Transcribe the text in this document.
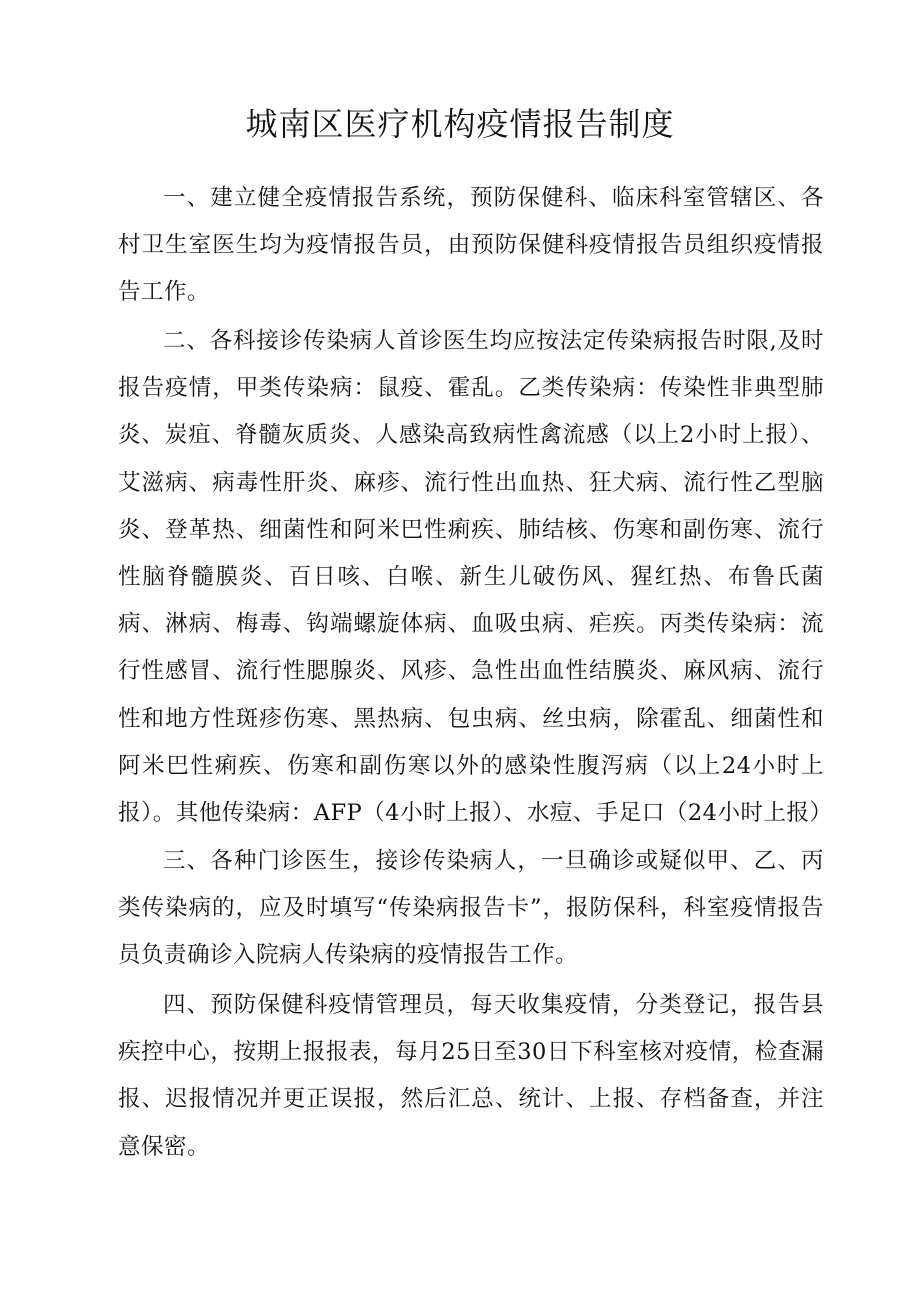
城南区医疗机构疫情报告制度

一、建立健全疫情报告系统，预防保健科、临床科室管辖区、各村卫生室医生均为疫情报告员，由预防保健科疫情报告员组织疫情报告工作。

二、各科接诊传染病人首诊医生均应按法定传染病报告时限,及时报告疫情，甲类传染病：鼠疫、霍乱。乙类传染病：传染性非典型肺炎、炭疽、脊髓灰质炎、人感染高致病性禽流感（以上2小时上报）、艾滋病、病毒性肝炎、麻疹、流行性出血热、狂犬病、流行性乙型脑炎、登革热、细菌性和阿米巴性痢疾、肺结核、伤寒和副伤寒、流行性脑脊髓膜炎、百日咳、白喉、新生儿破伤风、猩红热、布鲁氏菌病、淋病、梅毒、钩端螺旋体病、血吸虫病、疟疾。丙类传染病：流行性感冒、流行性腮腺炎、风疹、急性出血性结膜炎、麻风病、流行性和地方性斑疹伤寒、黑热病、包虫病、丝虫病，除霍乱、细菌性和阿米巴性痢疾、伤寒和副伤寒以外的感染性腹泻病（以上24小时上报）。其他传染病：AFP（4小时上报）、水痘、手足口（24小时上报）

三、各种门诊医生，接诊传染病人，一旦确诊或疑似甲、乙、丙类传染病的，应及时填写“传染病报告卡”，报防保科，科室疫情报告员负责确诊入院病人传染病的疫情报告工作。

四、预防保健科疫情管理员，每天收集疫情，分类登记，报告县疾控中心，按期上报报表，每月25日至30日下科室核对疫情，检查漏报、迟报情况并更正误报，然后汇总、统计、上报、存档备查，并注意保密。
